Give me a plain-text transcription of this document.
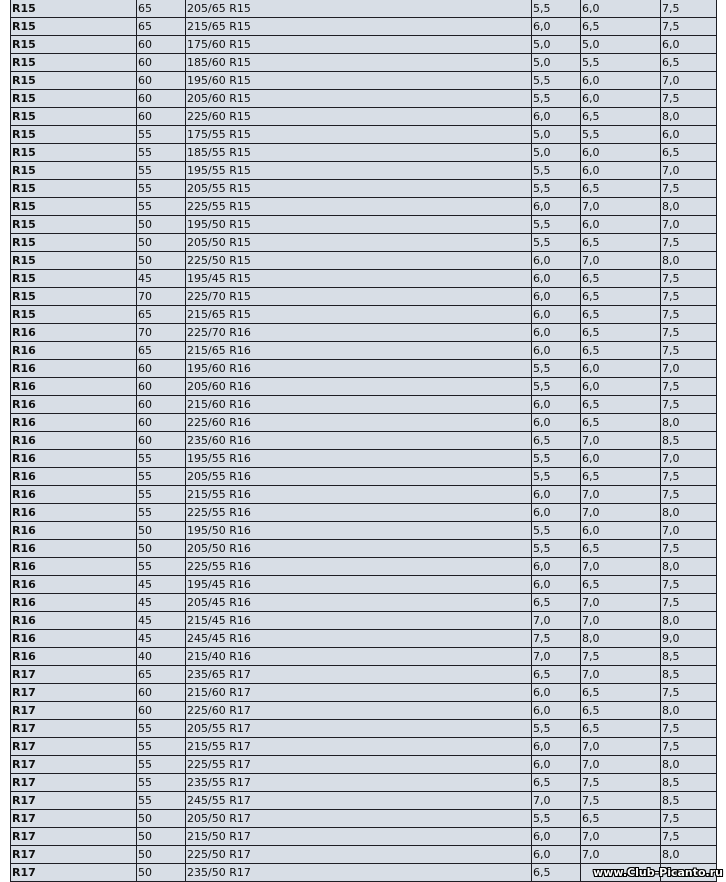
R15	65	205/65 R15	5,5	6,0	7,5
R15	65	215/65 R15	6,0	6,5	7,5
R15	60	175/60 R15	5,0	5,0	6,0
R15	60	185/60 R15	5,0	5,5	6,5
R15	60	195/60 R15	5,5	6,0	7,0
R15	60	205/60 R15	5,5	6,0	7,5
R15	60	225/60 R15	6,0	6,5	8,0
R15	55	175/55 R15	5,0	5,5	6,0
R15	55	185/55 R15	5,0	6,0	6,5
R15	55	195/55 R15	5,5	6,0	7,0
R15	55	205/55 R15	5,5	6,5	7,5
R15	55	225/55 R15	6,0	7,0	8,0
R15	50	195/50 R15	5,5	6,0	7,0
R15	50	205/50 R15	5,5	6,5	7,5
R15	50	225/50 R15	6,0	7,0	8,0
R15	45	195/45 R15	6,0	6,5	7,5
R15	70	225/70 R15	6,0	6,5	7,5
R15	65	215/65 R15	6,0	6,5	7,5
R16	70	225/70 R16	6,0	6,5	7,5
R16	65	215/65 R16	6,0	6,5	7,5
R16	60	195/60 R16	5,5	6,0	7,0
R16	60	205/60 R16	5,5	6,0	7,5
R16	60	215/60 R16	6,0	6,5	7,5
R16	60	225/60 R16	6,0	6,5	8,0
R16	60	235/60 R16	6,5	7,0	8,5
R16	55	195/55 R16	5,5	6,0	7,0
R16	55	205/55 R16	5,5	6,5	7,5
R16	55	215/55 R16	6,0	7,0	7,5
R16	55	225/55 R16	6,0	7,0	8,0
R16	50	195/50 R16	5,5	6,0	7,0
R16	50	205/50 R16	5,5	6,5	7,5
R16	55	225/55 R16	6,0	7,0	8,0
R16	45	195/45 R16	6,0	6,5	7,5
R16	45	205/45 R16	6,5	7,0	7,5
R16	45	215/45 R16	7,0	7,0	8,0
R16	45	245/45 R16	7,5	8,0	9,0
R16	40	215/40 R16	7,0	7,5	8,5
R17	65	235/65 R17	6,5	7,0	8,5
R17	60	215/60 R17	6,0	6,5	7,5
R17	60	225/60 R17	6,0	6,5	8,0
R17	55	205/55 R17	5,5	6,5	7,5
R17	55	215/55 R17	6,0	7,0	7,5
R17	55	225/55 R17	6,0	7,0	8,0
R17	55	235/55 R17	6,5	7,5	8,5
R17	55	245/55 R17	7,0	7,5	8,5
R17	50	205/50 R17	5,5	6,5	7,5
R17	50	215/50 R17	6,0	7,0	7,5
R17	50	225/50 R17	6,0	7,0	8,0
R17	50	235/50 R17	6,5			www.Club-Picanto.ru
